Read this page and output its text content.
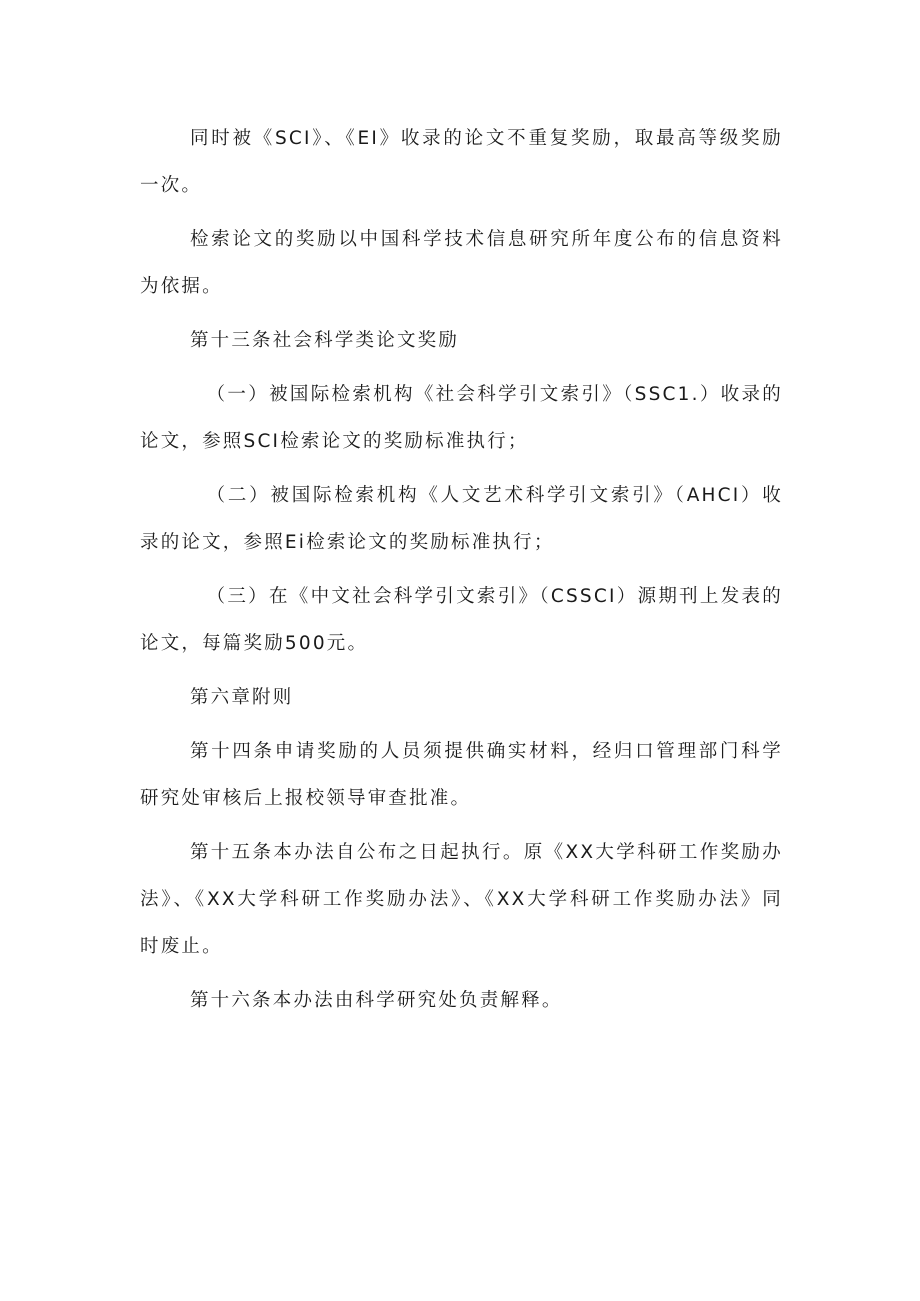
同时被《SCI》、《EI》收录的论文不重复奖励，取最高等级奖励一次。

检索论文的奖励以中国科学技术信息研究所年度公布的信息资料为依据。

第十三条社会科学类论文奖励

（一）被国际检索机构《社会科学引文索引》（SSC1.）收录的论文，参照SCI检索论文的奖励标准执行；

（二）被国际检索机构《人文艺术科学引文索引》（AHCI）收录的论文，参照Ei检索论文的奖励标准执行；

（三）在《中文社会科学引文索引》（CSSCI）源期刊上发表的论文，每篇奖励500元。

第六章附则

第十四条申请奖励的人员须提供确实材料，经归口管理部门科学研究处审核后上报校领导审查批准。

第十五条本办法自公布之日起执行。原《XX大学科研工作奖励办法》、《XX大学科研工作奖励办法》、《XX大学科研工作奖励办法》同时废止。

第十六条本办法由科学研究处负责解释。
